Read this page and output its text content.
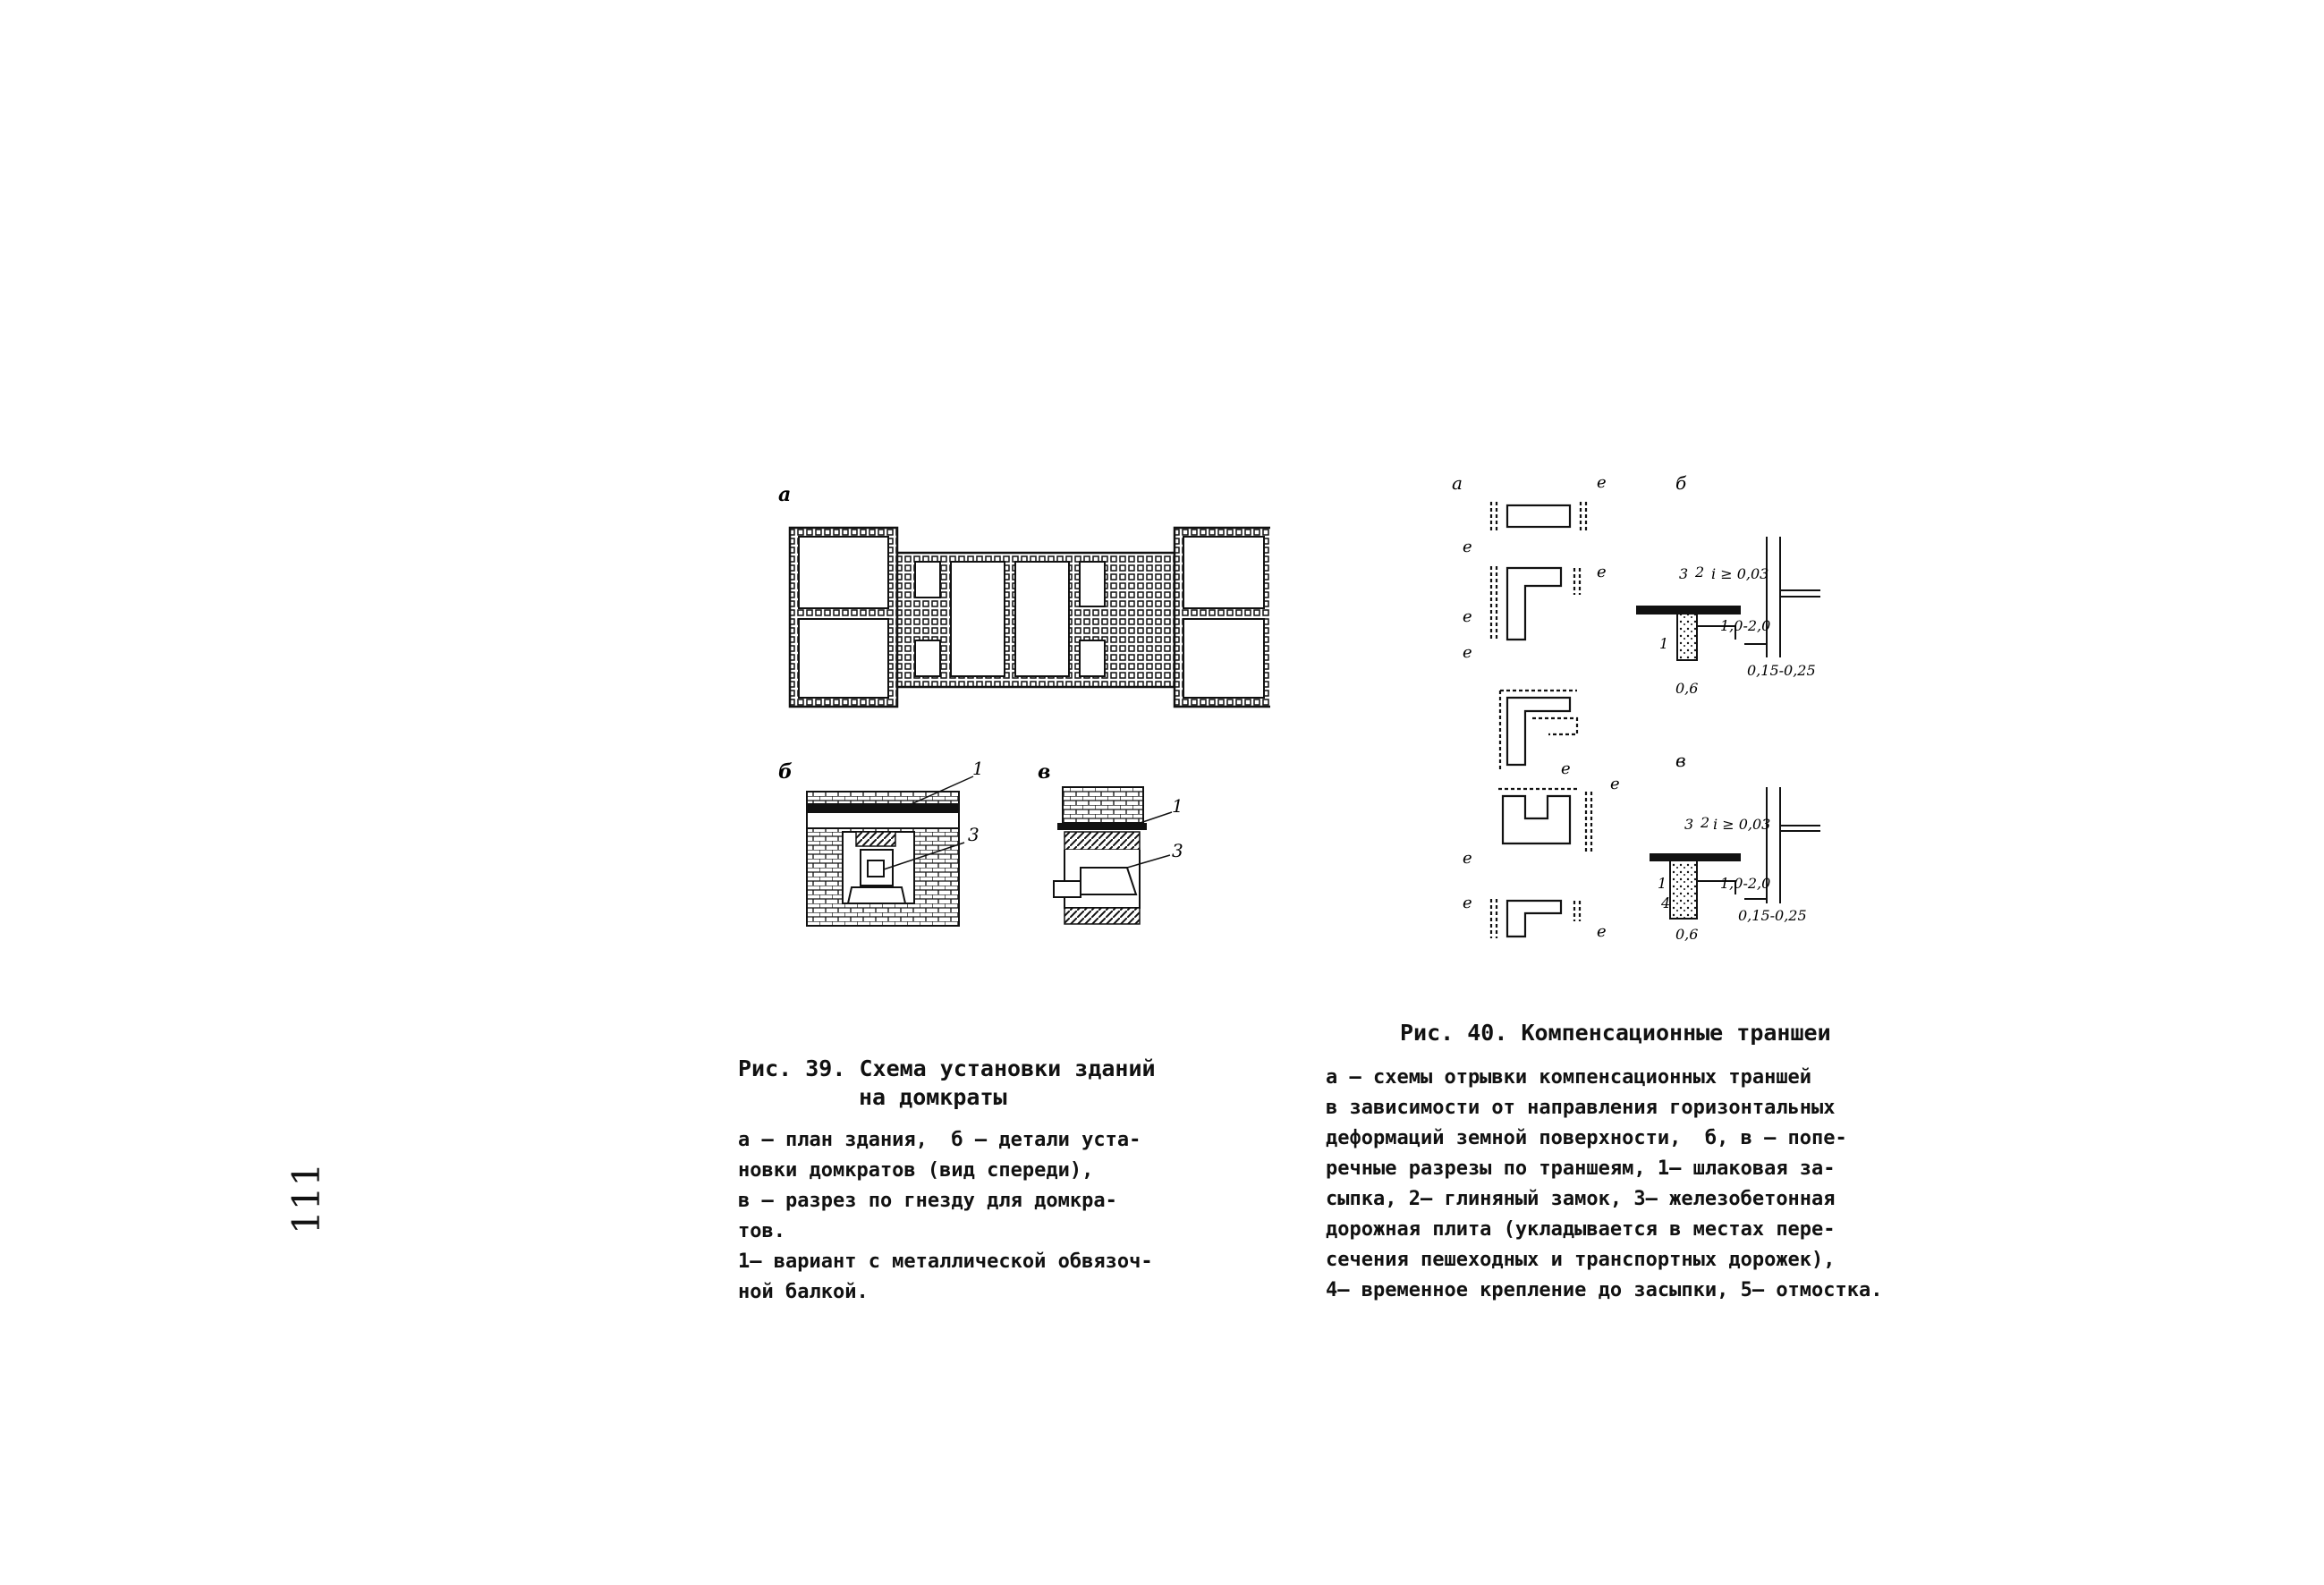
а
б	1
3
в
1
3
Рис. 39. Схема установки зданий
на домкраты
а – план здания,  б – детали уста-
новки домкратов (вид спереди),
в – разрез по гнезду для домкра-
тов.
1– вариант с металлической обвязоч-
ной балкой.
а	б
в
е
е
е
е
е
е
е
е
е
е
3 2 i ≥ 0,03
1,0-2,0
1
0,15-0,25
0,6
3 2 i ≥ 0,03
1,0-2,0
1
4
0,15-0,25
0,6
Рис. 40. Компенсационные траншеи
а – схемы отрывки компенсационных траншей
в зависимости от направления горизонтальных
деформаций земной поверхности,  б, в – попе-
речные разрезы по траншеям, 1– шлаковая за-
сыпка, 2– глиняный замок, 3– железобетонная
дорожная плита (укладывается в местах пере-
сечения пешеходных и транспортных дорожек),
4– временное крепление до засыпки, 5– отмостка.
111
